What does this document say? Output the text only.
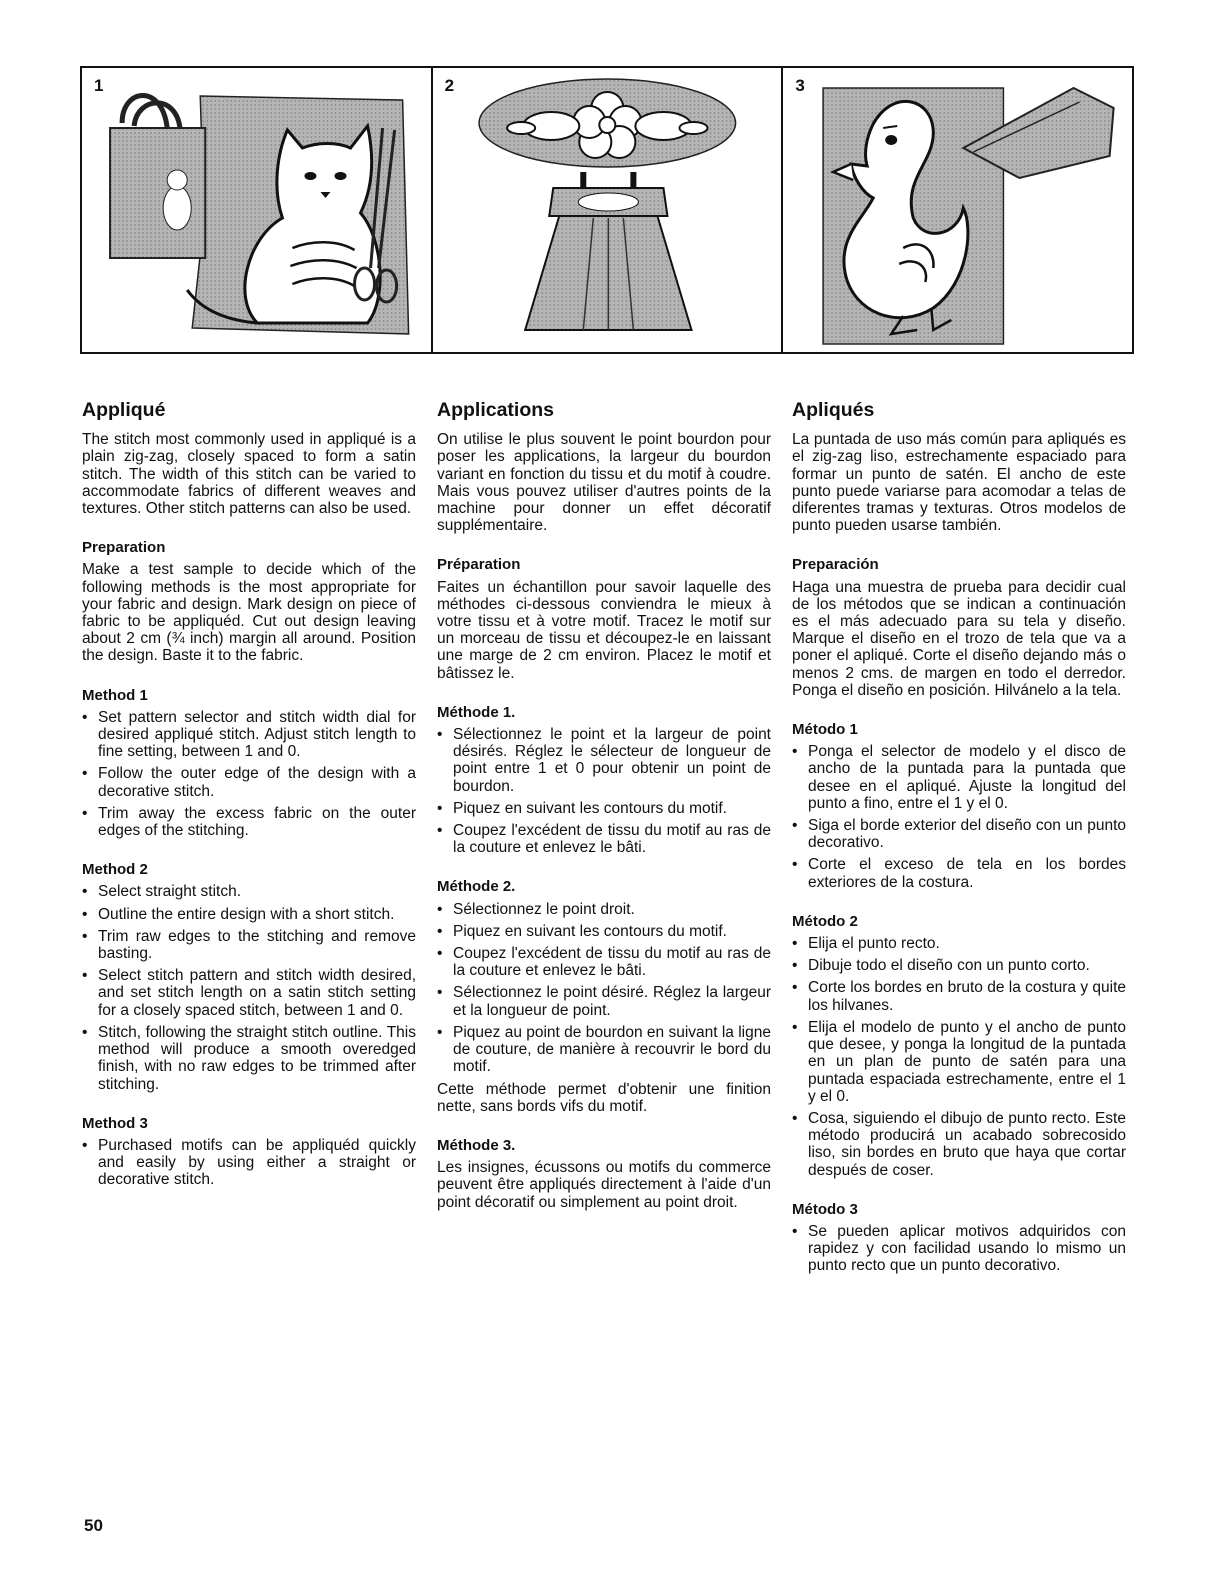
1	2	3
Appliqué

The stitch most commonly used in appliqué is a plain zig-zag, closely spaced to form a satin stitch. The width of this stitch can be varied to accommodate fabrics of different weaves and textures. Other stitch patterns can also be used.

Preparation

Make a test sample to decide which of the following methods is the most appropriate for your fabric and design. Mark design on piece of fabric to be appliquéd. Cut out design leaving about 2 cm (¾ inch) margin all around. Position the design. Baste it to the fabric.

Method 1
• Set pattern selector and stitch width dial for desired appliqué stitch. Adjust stitch length to fine setting, between 1 and 0.
• Follow the outer edge of the design with a decorative stitch.
• Trim away the excess fabric on the outer edges of the stitching.
Method 2
• Select straight stitch.
• Outline the entire design with a short stitch.
• Trim raw edges to the stitching and remove basting.
• Select stitch pattern and stitch width desired, and set stitch length on a satin stitch setting for a closely spaced stitch, between 1 and 0.
• Stitch, following the straight stitch outline. This method will produce a smooth overedged finish, with no raw edges to be trimmed after stitching.
Method 3
• Purchased motifs can be appliquéd quickly and easily by using either a straight or decorative stitch.
Applications

On utilise le plus souvent le point bourdon pour poser les applications, la largeur du bourdon variant en fonction du tissu et du motif à coudre. Mais vous pouvez utiliser d'autres points de la machine pour donner un effet décoratif supplémentaire.

Préparation

Faites un échantillon pour savoir laquelle des méthodes ci-dessous conviendra le mieux à votre tissu et à votre motif. Tracez le motif sur un morceau de tissu et découpez-le en laissant une marge de 2 cm environ. Placez le motif et bâtissez le.

Méthode 1.
• Sélectionnez le point et la largeur de point désirés. Réglez le sélecteur de longueur de point entre 1 et 0 pour obtenir un point de bourdon.
• Piquez en suivant les contours du motif.
• Coupez l'excédent de tissu du motif au ras de la couture et enlevez le bâti.
Méthode 2.
• Sélectionnez le point droit.
• Piquez en suivant les contours du motif.
• Coupez l'excédent de tissu du motif au ras de la couture et enlevez le bâti.
• Sélectionnez le point désiré. Réglez la largeur et la longueur de point.
• Piquez au point de bourdon en suivant la ligne de couture, de manière à recouvrir le bord du motif.

Cette méthode permet d'obtenir une finition nette, sans bords vifs du motif.

Méthode 3.

Les insignes, écussons ou motifs du commerce peuvent être appliqués directement à l'aide d'un point décoratif ou simplement au point droit.

Apliqués

La puntada de uso más común para apliqués es el zig-zag liso, estrechamente espaciado para formar un punto de satén. El ancho de este punto puede variarse para acomodar a telas de diferentes tramas y texturas. Otros modelos de punto pueden usarse también.

Preparación

Haga una muestra de prueba para decidir cual de los métodos que se indican a continuación es el más adecuado para su tela y diseño. Marque el diseño en el trozo de tela que va a poner el apliqué. Corte el diseño dejando más o menos 2 cms. de margen en todo el derredor. Ponga el diseño en posición. Hilvánelo a la tela.

Método 1
• Ponga el selector de modelo y el disco de ancho de la puntada para la puntada que desee en el apliqué. Ajuste la longitud del punto a fino, entre el 1 y el 0.
• Siga el borde exterior del diseño con un punto decorativo.
• Corte el exceso de tela en los bordes exteriores de la costura.
Método 2
• Elija el punto recto.
• Dibuje todo el diseño con un punto corto.
• Corte los bordes en bruto de la costura y quite los hilvanes.
• Elija el modelo de punto y el ancho de punto que desee, y ponga la longitud de la puntada en un plan de punto de satén para una puntada espaciada estrechamente, entre el 1 y el 0.
• Cosa, siguiendo el dibujo de punto recto. Este método producirá un acabado sobrecosido liso, sin bordes en bruto que haya que cortar después de coser.
Método 3
• Se pueden aplicar motivos adquiridos con rapidez y con facilidad usando lo mismo un punto recto que un punto decorativo.
50
